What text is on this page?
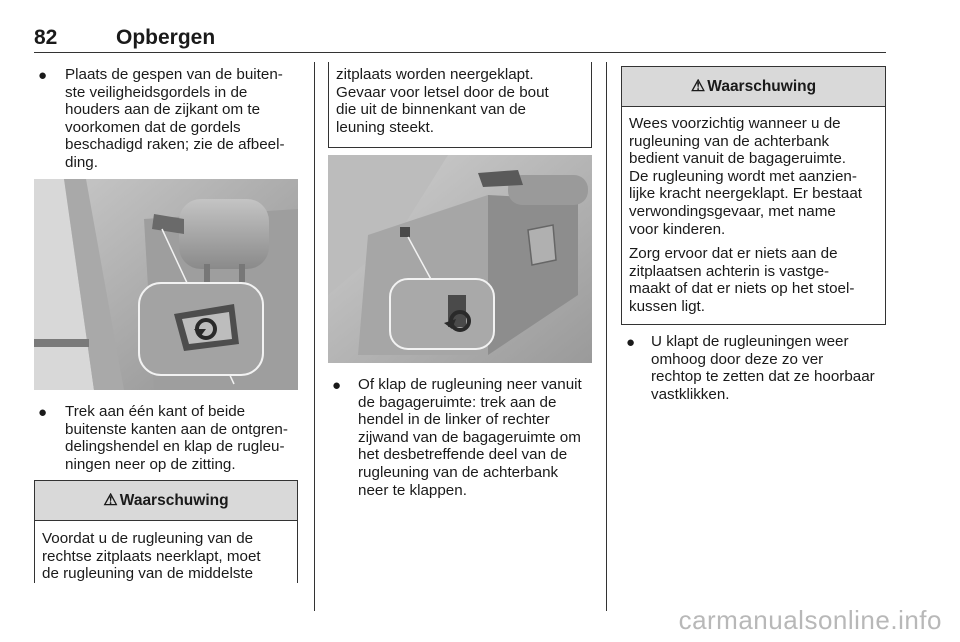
82	Opbergen
● Plaats de gespen van de buiten-
ste veiligheidsgordels in de
houders aan de zijkant om te
voorkomen dat de gordels
beschadigd raken; zie de afbeel-
ding.
● Trek aan één kant of beide
buitenste kanten aan de ontgren-
delingshendel en klap de rugleu-
ningen neer op de zitting.
⚠ Waarschuwing
Voordat u de rugleuning van de
rechtse zitplaats neerklapt, moet
de rugleuning van de middelste
zitplaats worden neergeklapt.
Gevaar voor letsel door de bout
die uit de binnenkant van de
leuning steekt.
● Of klap de rugleuning neer vanuit
de bagageruimte: trek aan de
hendel in de linker of rechter
zijwand van de bagageruimte om
het desbetreffende deel van de
rugleuning van de achterbank
neer te klappen.
⚠ Waarschuwing
Wees voorzichtig wanneer u de
rugleuning van de achterbank
bedient vanuit de bagageruimte.
De rugleuning wordt met aanzien-
lijke kracht neergeklapt. Er bestaat
verwondingsgevaar, met name
voor kinderen.
Zorg ervoor dat er niets aan de
zitplaatsen achterin is vastge-
maakt of dat er niets op het stoel-
kussen ligt.
● U klapt de rugleuningen weer
omhoog door deze zo ver
rechtop te zetten dat ze hoorbaar
vastklikken.
carmanualsonline.info
